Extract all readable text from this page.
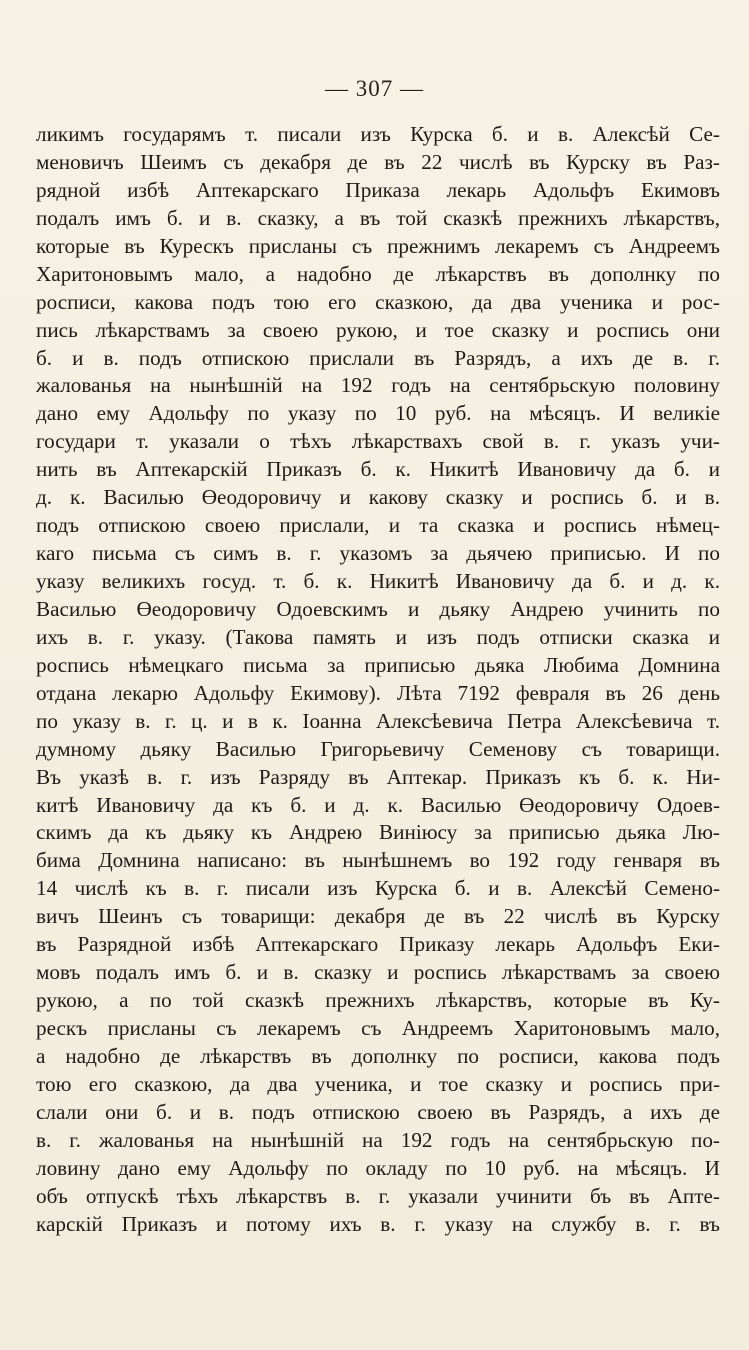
— 307 —
ликимъ государямъ т. писали изъ Курска б. и в. Алексѣй Се-
меновичъ Шеимъ съ декабря де въ 22 числѣ въ Курску въ Раз-
рядной избѣ Аптекарскаго Приказа лекарь Адольфъ Екимовъ
подалъ имъ б. и в. сказку, а въ той сказкѣ прежнихъ лѣкарствъ,
которые въ Курескъ присланы съ прежнимъ лекаремъ съ Андреемъ
Харитоновымъ мало, а надобно де лѣкарствъ въ дополнку по
росписи, какова подъ тою его сказкою, да два ученика и рос-
пись лѣкарствамъ за своею рукою, и тое сказку и роспись они
б. и в. подъ отпискою прислали въ Разрядъ, а ихъ де в. г.
жалованья на нынѣшній на 192 годъ на сентябрьскую половину
дано ему Адольфу по указу по 10 руб. на мѣсяцъ. И великіе
государи т. указали о тѣхъ лѣкарствахъ свой в. г. указъ учи-
нить въ Аптекарскій Приказъ б. к. Никитѣ Ивановичу да б. и
д. к. Василью Өеодоровичу и какову сказку и роспись б. и в.
подъ отпискою своею прислали, и та сказка и роспись нѣмец-
каго письма съ симъ в. г. указомъ за дьячею приписью. И по
указу великихъ госуд. т. б. к. Никитѣ Ивановичу да б. и д. к.
Василью Өеодоровичу Одоевскимъ и дьяку Андрею учинить по
ихъ в. г. указу. (Такова память и изъ подъ отписки сказка и
роспись нѣмецкаго письма за приписью дьяка Любима Домнина
отдана лекарю Адольфу Екимову). Лѣта 7192 февраля въ 26 день
по указу в. г. ц. и в к. Іоанна Алексѣевича Петра Алексѣевича т.
думному дьяку Василью Григорьевичу Семенову съ товарищи.
Въ указѣ в. г. изъ Разряду въ Аптекар. Приказъ къ б. к. Ни-
китѣ Ивановичу да къ б. и д. к. Василью Өеодоровичу Одоев-
скимъ да къ дьяку къ Андрею Виніюсу за приписью дьяка Лю-
бима Домнина написано: въ нынѣшнемъ во 192 году генваря въ
14 числѣ къ в. г. писали изъ Курска б. и в. Алексѣй Семено-
вичъ Шеинъ съ товарищи: декабря де въ 22 числѣ въ Курску
въ Разрядной избѣ Аптекарскаго Приказу лекарь Адольфъ Еки-
мовъ подалъ имъ б. и в. сказку и роспись лѣкарствамъ за своею
рукою, а по той сказкѣ прежнихъ лѣкарствъ, которые въ Ку-
рескъ присланы съ лекаремъ съ Андреемъ Харитоновымъ мало,
а надобно де лѣкарствъ въ дополнку по росписи, какова подъ
тою его сказкою, да два ученика, и тое сказку и роспись при-
слали они б. и в. подъ отпискою своею въ Разрядъ, а ихъ де
в. г. жалованья на нынѣшній на 192 годъ на сентябрьскую по-
ловину дано ему Адольфу по окладу по 10 руб. на мѣсяцъ. И
объ отпускѣ тѣхъ лѣкарствъ в. г. указали учинити бъ въ Апте-
карскій Приказъ и потому ихъ в. г. указу на службу в. г. въ
